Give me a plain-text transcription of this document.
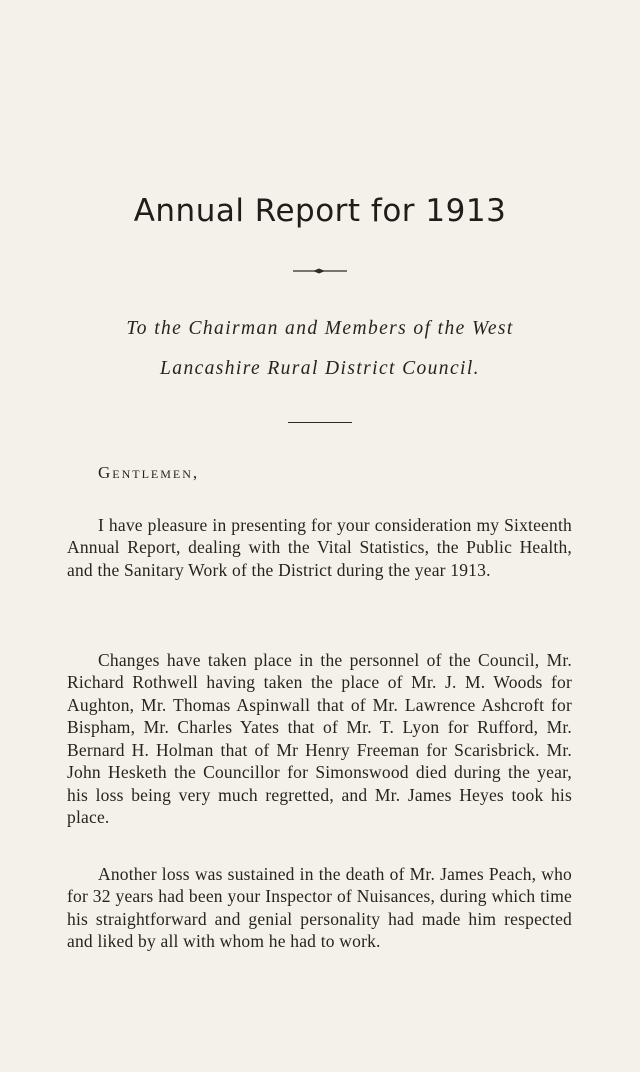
Annual Report for 1913
To the Chairman and Members of the West
Lancashire Rural District Council.
Gentlemen,

I have pleasure in presenting for your consideration my Sixteenth Annual Report, dealing with the Vital Statistics, the Public Health, and the Sanitary Work of the District during the year 1913.

Changes have taken place in the personnel of the Council, Mr. Richard Rothwell having taken the place of Mr. J. M. Woods for Aughton, Mr. Thomas Aspinwall that of Mr. Lawrence Ashcroft for Bispham, Mr. Charles Yates that of Mr. T. Lyon for Rufford, Mr. Bernard H. Holman that of Mr Henry Freeman for Scarisbrick. Mr. John Hesketh the Councillor for Simonswood died during the year, his loss being very much regretted, and Mr. James Heyes took his place.

Another loss was sustained in the death of Mr. James Peach, who for 32 years had been your Inspector of Nuisances, during which time his straightforward and genial personality had made him respected and liked by all with whom he had to work.
